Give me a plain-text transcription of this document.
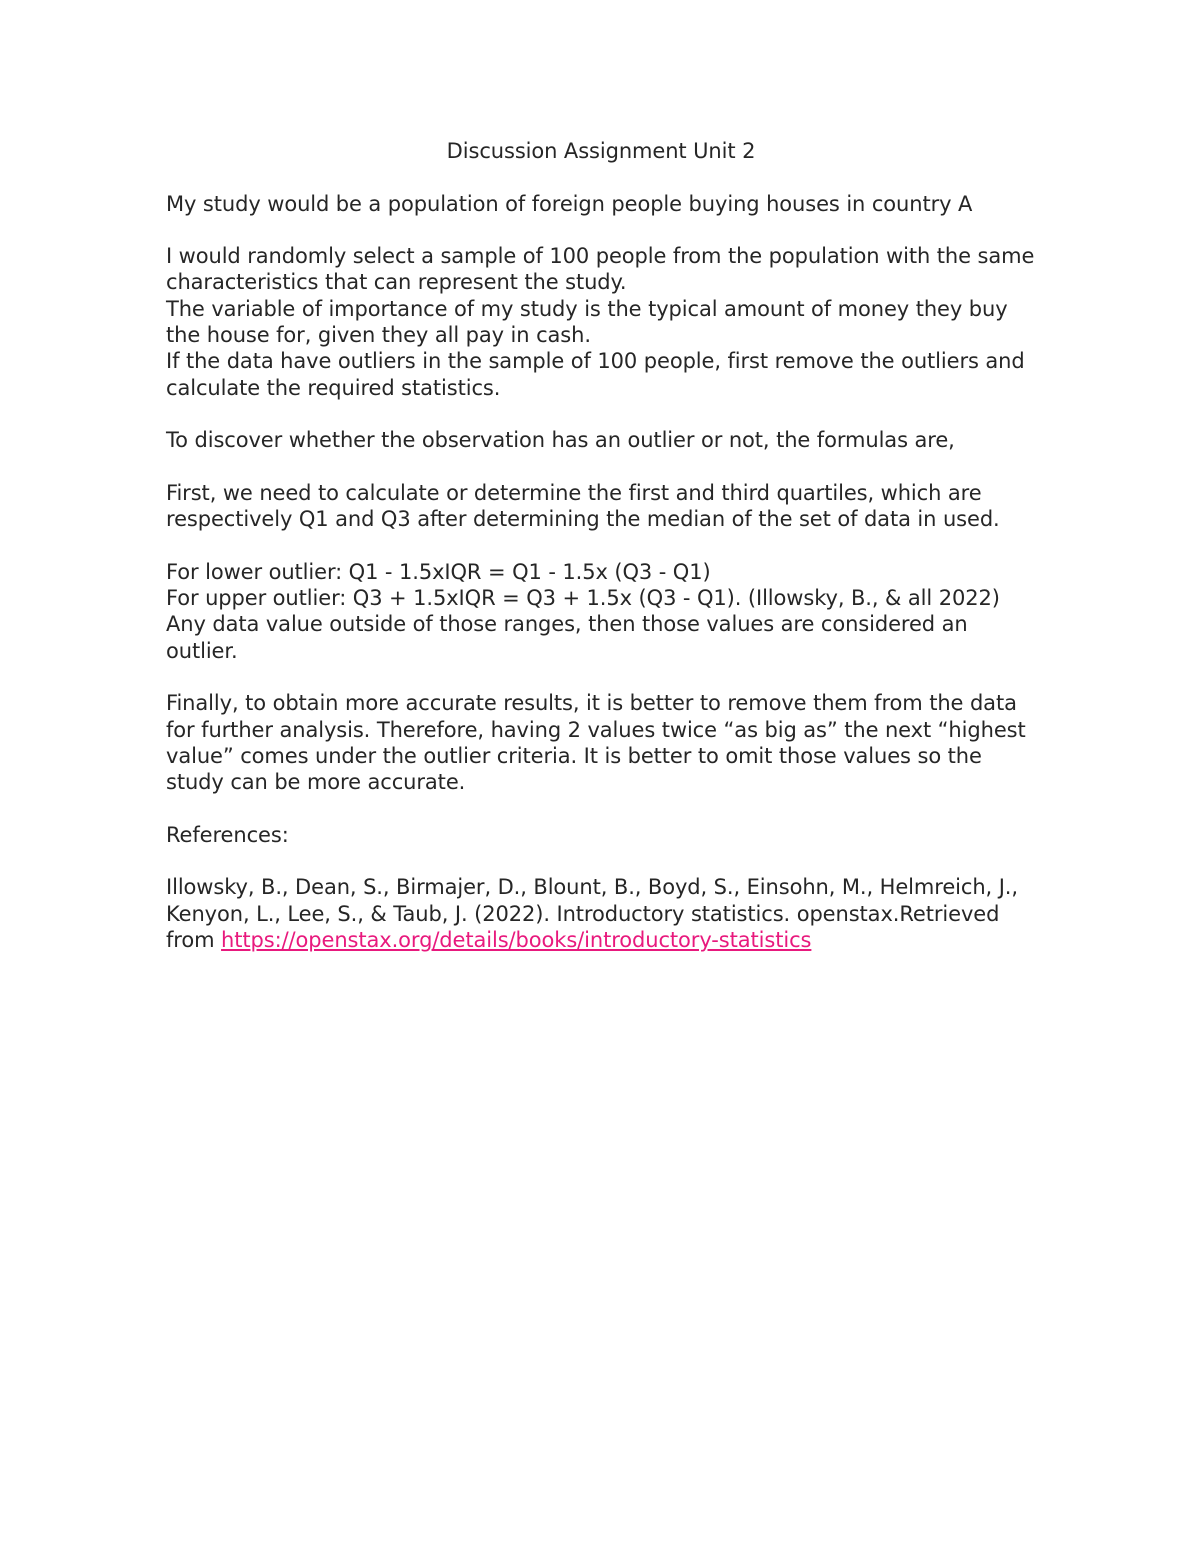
Discussion Assignment Unit 2

My study would be a population of foreign people buying houses in country A

I would randomly select a sample of 100 people from the population with the same characteristics that can represent the study.

The variable of importance of my study is the typical amount of money they buy the house for, given they all pay in cash.

If the data have outliers in the sample of 100 people, first remove the outliers and calculate the required statistics.

To discover whether the observation has an outlier or not, the formulas are,

First, we need to calculate or determine the first and third quartiles, which are respectively Q1 and Q3 after determining the median of the set of data in used.

For lower outlier: Q1 - 1.5xIQR = Q1 - 1.5x (Q3 - Q1)

For upper outlier: Q3 + 1.5xIQR = Q3 + 1.5x (Q3 - Q1). (Illowsky, B., & all 2022)

Any data value outside of those ranges, then those values are considered an outlier.

Finally, to obtain more accurate results, it is better to remove them from the data for further analysis. Therefore, having 2 values twice “as big as” the next “highest value” comes under the outlier criteria. It is better to omit those values so the study can be more accurate.

References:

Illowsky, B., Dean, S., Birmajer, D., Blount, B., Boyd, S., Einsohn, M., Helmreich, J., Kenyon, L., Lee, S., & Taub, J. (2022). Introductory statistics. openstax.Retrieved from https://openstax.org/details/books/introductory-statistics
